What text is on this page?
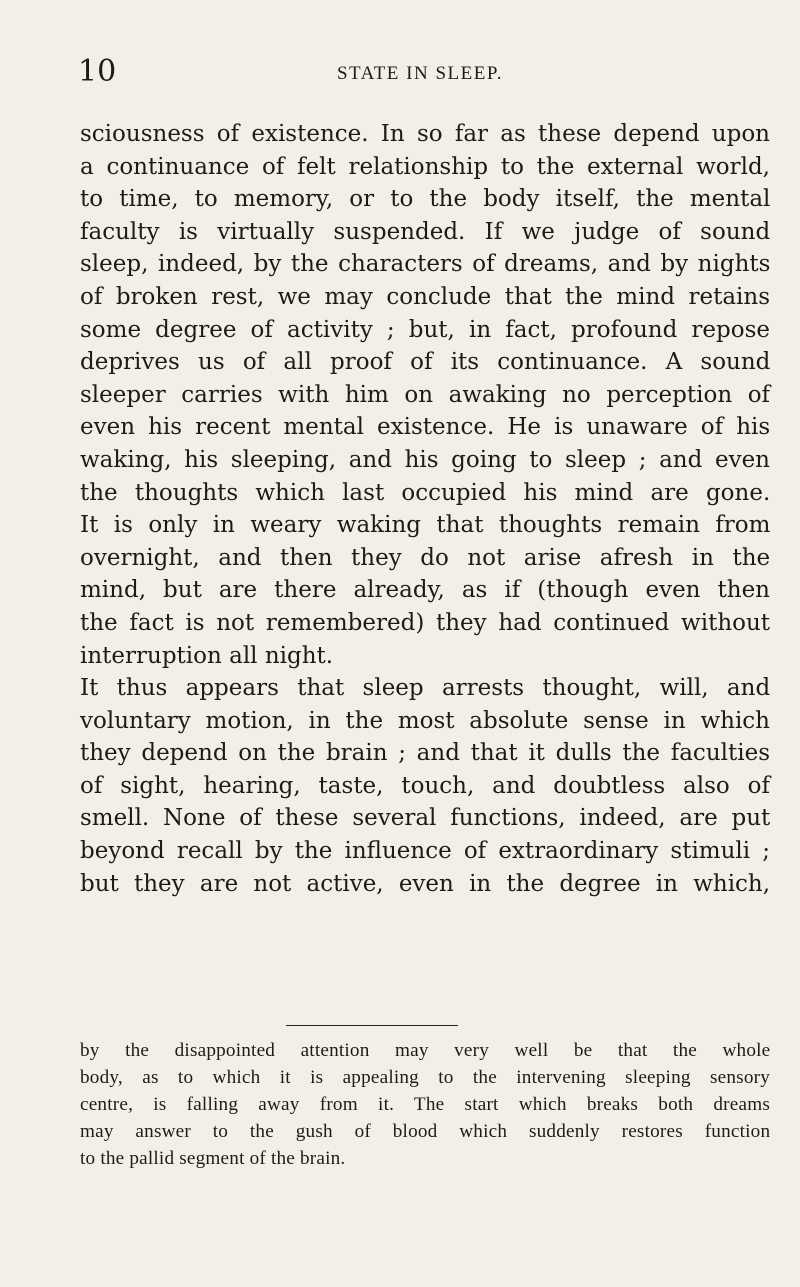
10	STATE IN SLEEP.
sciousness of existence. In so far as these depend upon
a continuance of felt relationship to the external world,
to time, to memory, or to the body itself, the mental
faculty is virtually suspended. If we judge of sound
sleep, indeed, by the characters of dreams, and by nights
of broken rest, we may conclude that the mind retains
some degree of activity ; but, in fact, profound repose
deprives us of all proof of its continuance. A sound
sleeper carries with him on awaking no perception of
even his recent mental existence. He is unaware of his
waking, his sleeping, and his going to sleep ; and even
the thoughts which last occupied his mind are gone.
It is only in weary waking that thoughts remain from
overnight, and then they do not arise afresh in the
mind, but are there already, as if (though even then
the fact is not remembered) they had continued without
interruption all night.
It thus appears that sleep arrests thought, will, and
voluntary motion, in the most absolute sense in which
they depend on the brain ; and that it dulls the faculties
of sight, hearing, taste, touch, and doubtless also of
smell. None of these several functions, indeed, are put
beyond recall by the influence of extraordinary stimuli ;
but they are not active, even in the degree in which,
by the disappointed attention may very well be that the whole
body, as to which it is appealing to the intervening sleeping sensory
centre, is falling away from it. The start which breaks both dreams
may answer to the gush of blood which suddenly restores function
to the pallid segment of the brain.
